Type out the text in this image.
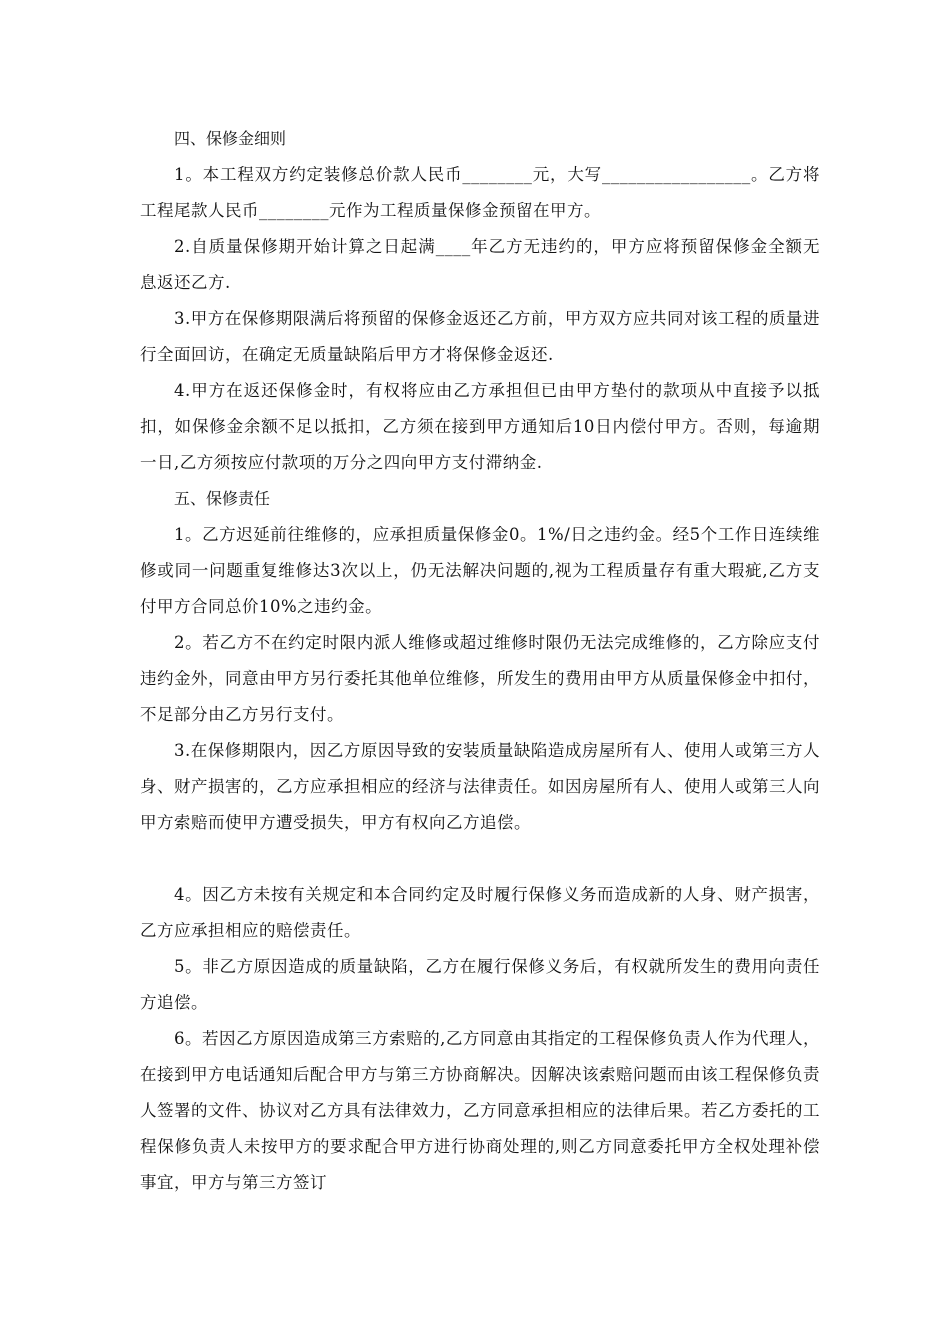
四、保修金细则

1。本工程双方约定装修总价款人民币________元，大写_________________。乙方将工程尾款人民币________元作为工程质量保修金预留在甲方。

2.自质量保修期开始计算之日起满____年乙方无违约的，甲方应将预留保修金全额无息返还乙方.

3.甲方在保修期限满后将预留的保修金返还乙方前，甲方双方应共同对该工程的质量进行全面回访，在确定无质量缺陷后甲方才将保修金返还.

4.甲方在返还保修金时，有权将应由乙方承担但已由甲方垫付的款项从中直接予以抵扣，如保修金余额不足以抵扣，乙方须在接到甲方通知后10日内偿付甲方。否则，每逾期一日,乙方须按应付款项的万分之四向甲方支付滞纳金.

五、保修责任

1。乙方迟延前往维修的，应承担质量保修金0。1%/日之违约金。经5个工作日连续维修或同一问题重复维修达3次以上，仍无法解决问题的,视为工程质量存有重大瑕疵,乙方支付甲方合同总价10%之违约金。

2。若乙方不在约定时限内派人维修或超过维修时限仍无法完成维修的，乙方除应支付违约金外，同意由甲方另行委托其他单位维修，所发生的费用由甲方从质量保修金中扣付，不足部分由乙方另行支付。

3.在保修期限内，因乙方原因导致的安装质量缺陷造成房屋所有人、使用人或第三方人身、财产损害的，乙方应承担相应的经济与法律责任。如因房屋所有人、使用人或第三人向甲方索赔而使甲方遭受损失，甲方有权向乙方追偿。

4。因乙方未按有关规定和本合同约定及时履行保修义务而造成新的人身、财产损害，乙方应承担相应的赔偿责任。

5。非乙方原因造成的质量缺陷，乙方在履行保修义务后，有权就所发生的费用向责任方追偿。

6。若因乙方原因造成第三方索赔的,乙方同意由其指定的工程保修负责人作为代理人，在接到甲方电话通知后配合甲方与第三方协商解决。因解决该索赔问题而由该工程保修负责人签署的文件、协议对乙方具有法律效力，乙方同意承担相应的法律后果。若乙方委托的工程保修负责人未按甲方的要求配合甲方进行协商处理的,则乙方同意委托甲方全权处理补偿事宜，甲方与第三方签订
